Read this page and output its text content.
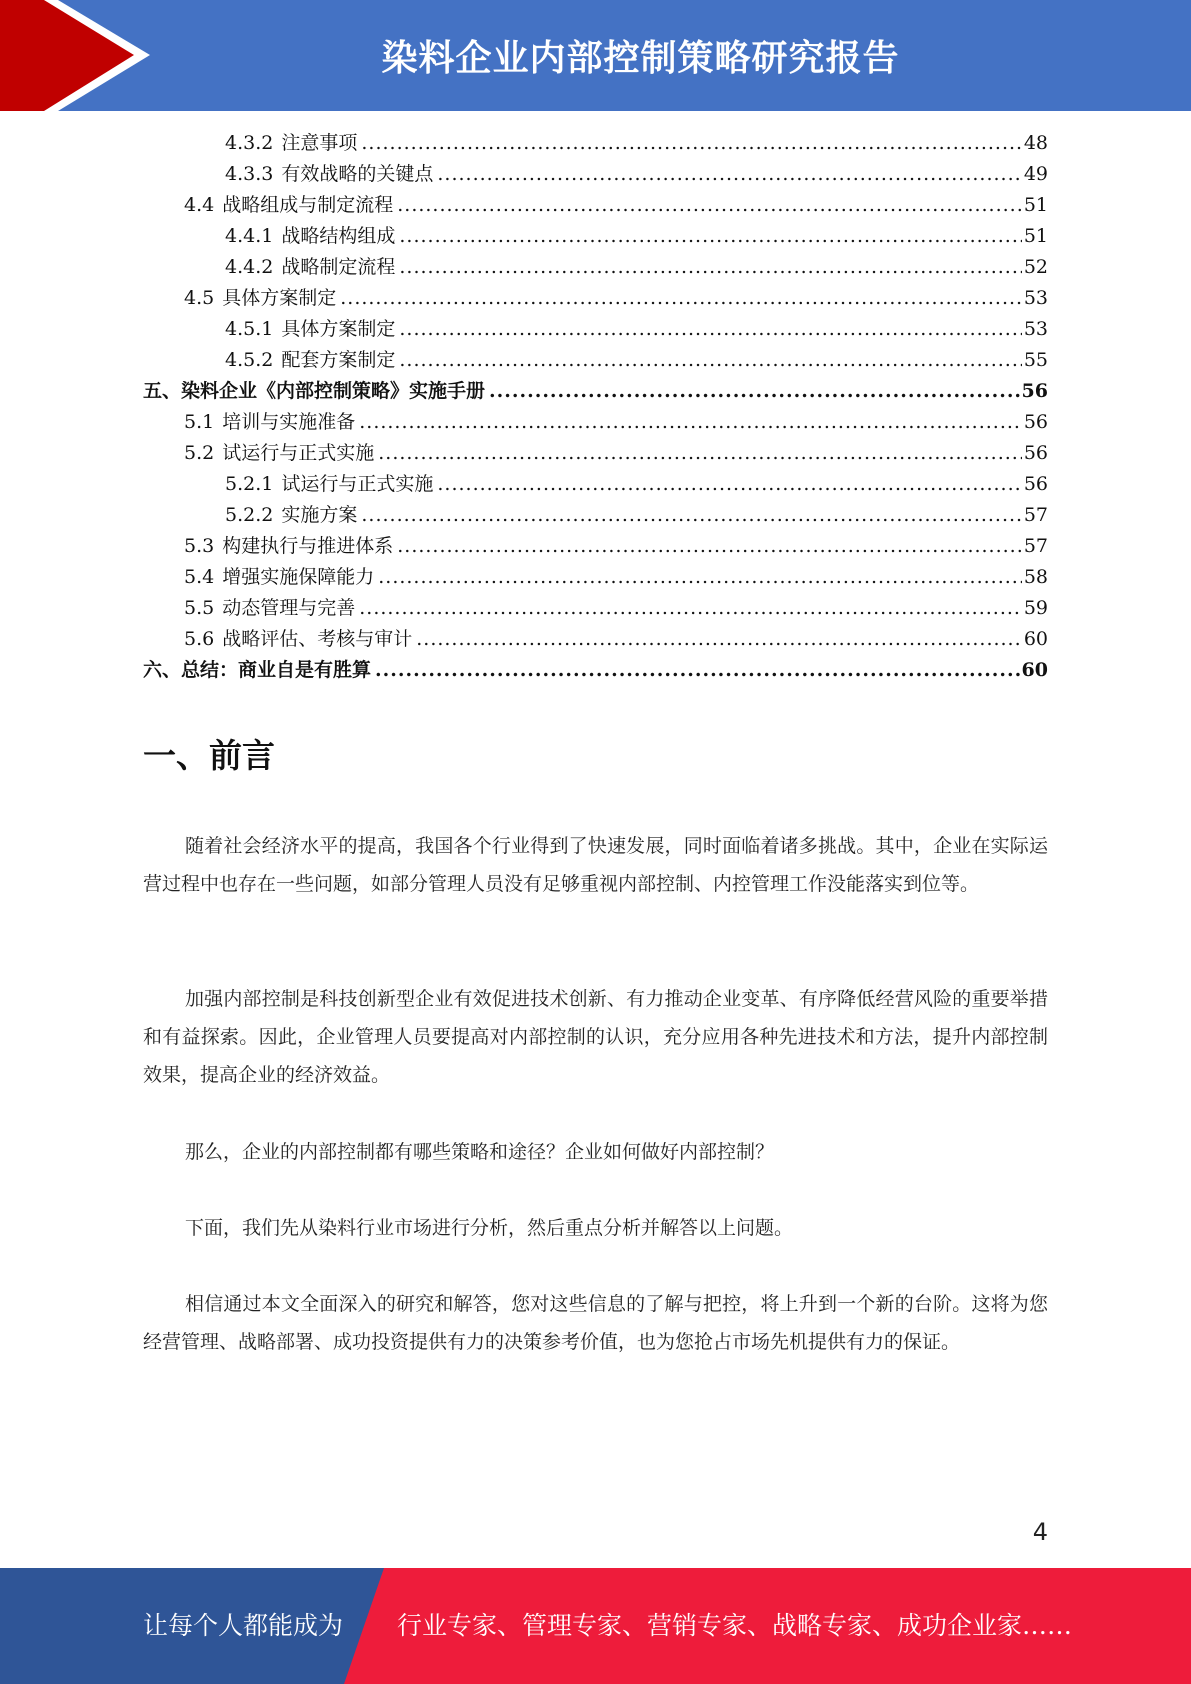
染料企业内部控制策略研究报告
4.3.2 注意事项 .....	48
4.3.3 有效战略的关键点 .....	49
4.4 战略组成与制定流程 .....	51
4.4.1 战略结构组成 .....	51
4.4.2 战略制定流程 .....	52
4.5 具体方案制定 .....	53
4.5.1 具体方案制定 .....	53
4.5.2 配套方案制定 .....	55
五、染料企业《内部控制策略》实施手册 .....	56
5.1 培训与实施准备 .....	56
5.2 试运行与正式实施 .....	56
5.2.1 试运行与正式实施 .....	56
5.2.2 实施方案 .....	57
5.3 构建执行与推进体系 .....	57
5.4 增强实施保障能力 .....	58
5.5 动态管理与完善 .....	59
5.6 战略评估、考核与审计 .....	60
六、总结：商业自是有胜算 .....	60
一、前言

随着社会经济水平的提高，我国各个行业得到了快速发展，同时面临着诸多挑战。其中，企业在实际运营过程中也存在一些问题，如部分管理人员没有足够重视内部控制、内控管理工作没能落实到位等。

加强内部控制是科技创新型企业有效促进技术创新、有力推动企业变革、有序降低经营风险的重要举措和有益探索。因此，企业管理人员要提高对内部控制的认识，充分应用各种先进技术和方法，提升内部控制效果，提高企业的经济效益。

那么，企业的内部控制都有哪些策略和途径？企业如何做好内部控制？

下面，我们先从染料行业市场进行分析，然后重点分析并解答以上问题。

相信通过本文全面深入的研究和解答，您对这些信息的了解与把控，将上升到一个新的台阶。这将为您经营管理、战略部署、成功投资提供有力的决策参考价值，也为您抢占市场先机提供有力的保证。

4
让每个人都能成为 行业专家、管理专家、营销专家、战略专家、成功企业家……
